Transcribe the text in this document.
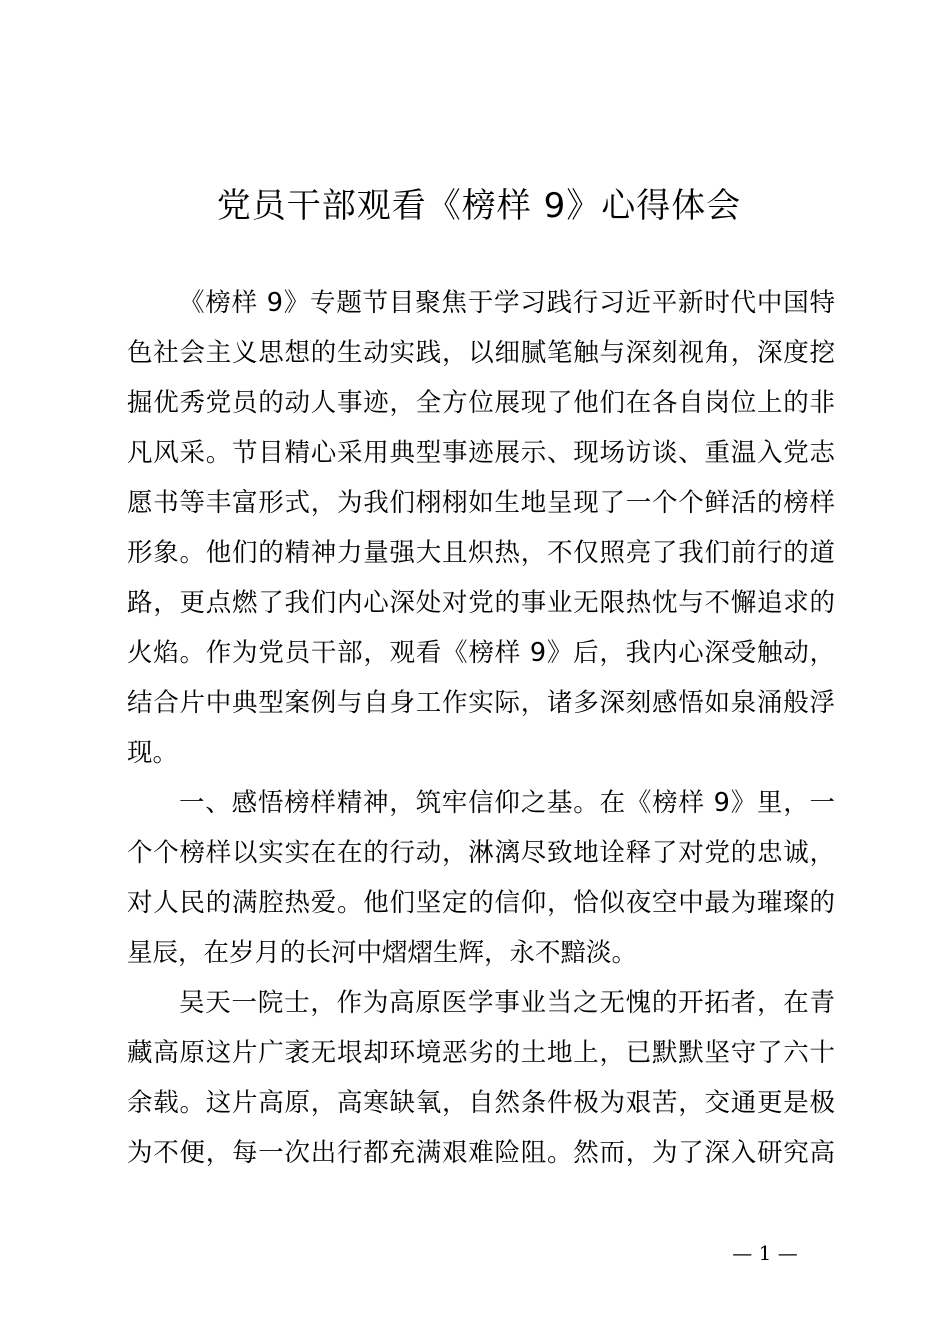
党员干部观看《榜样 9》心得体会
《榜样 9》专题节目聚焦于学习践行习近平新时代中国特
色社会主义思想的生动实践，以细腻笔触与深刻视角，深度挖
掘优秀党员的动人事迹，全方位展现了他们在各自岗位上的非
凡风采。节目精心采用典型事迹展示、现场访谈、重温入党志
愿书等丰富形式，为我们栩栩如生地呈现了一个个鲜活的榜样
形象。他们的精神力量强大且炽热，不仅照亮了我们前行的道
路，更点燃了我们内心深处对党的事业无限热忱与不懈追求的
火焰。作为党员干部，观看《榜样 9》后，我内心深受触动，
结合片中典型案例与自身工作实际，诸多深刻感悟如泉涌般浮
现。
一、感悟榜样精神，筑牢信仰之基。在《榜样 9》里，一
个个榜样以实实在在的行动，淋漓尽致地诠释了对党的忠诚，
对人民的满腔热爱。他们坚定的信仰，恰似夜空中最为璀璨的
星辰，在岁月的长河中熠熠生辉，永不黯淡。
吴天一院士，作为高原医学事业当之无愧的开拓者，在青
藏高原这片广袤无垠却环境恶劣的土地上，已默默坚守了六十
余载。这片高原，高寒缺氧，自然条件极为艰苦，交通更是极
为不便，每一次出行都充满艰难险阻。然而，为了深入研究高
— 1 —
